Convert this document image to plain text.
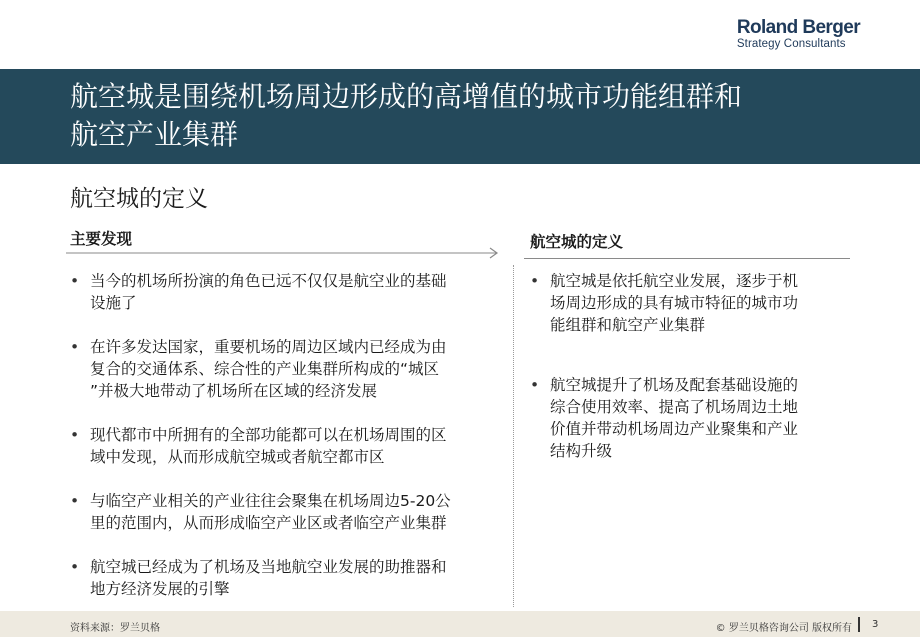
Roland Berger
Strategy Consultants
航空城是围绕机场周边形成的高增值的城市功能组群和
航空产业集群
航空城的定义
主要发现	航空城的定义
• 当今的机场所扮演的角色已远不仅仅是航空业的基础
设施了
• 在许多发达国家，重要机场的周边区域内已经成为由
复合的交通体系、综合性的产业集群所构成的“城区
”并极大地带动了机场所在区域的经济发展
• 现代都市中所拥有的全部功能都可以在机场周围的区
域中发现，从而形成航空城或者航空都市区
• 与临空产业相关的产业往往会聚集在机场周边5-20公
里的范围内，从而形成临空产业区或者临空产业集群
• 航空城已经成为了机场及当地航空业发展的助推器和
地方经济发展的引擎
• 航空城是依托航空业发展，逐步于机
场周边形成的具有城市特征的城市功
能组群和航空产业集群
• 航空城提升了机场及配套基础设施的
综合使用效率、提高了机场周边土地
价值并带动机场周边产业聚集和产业
结构升级
资料来源：罗兰贝格	© 罗兰贝格咨询公司 版权所有 3
